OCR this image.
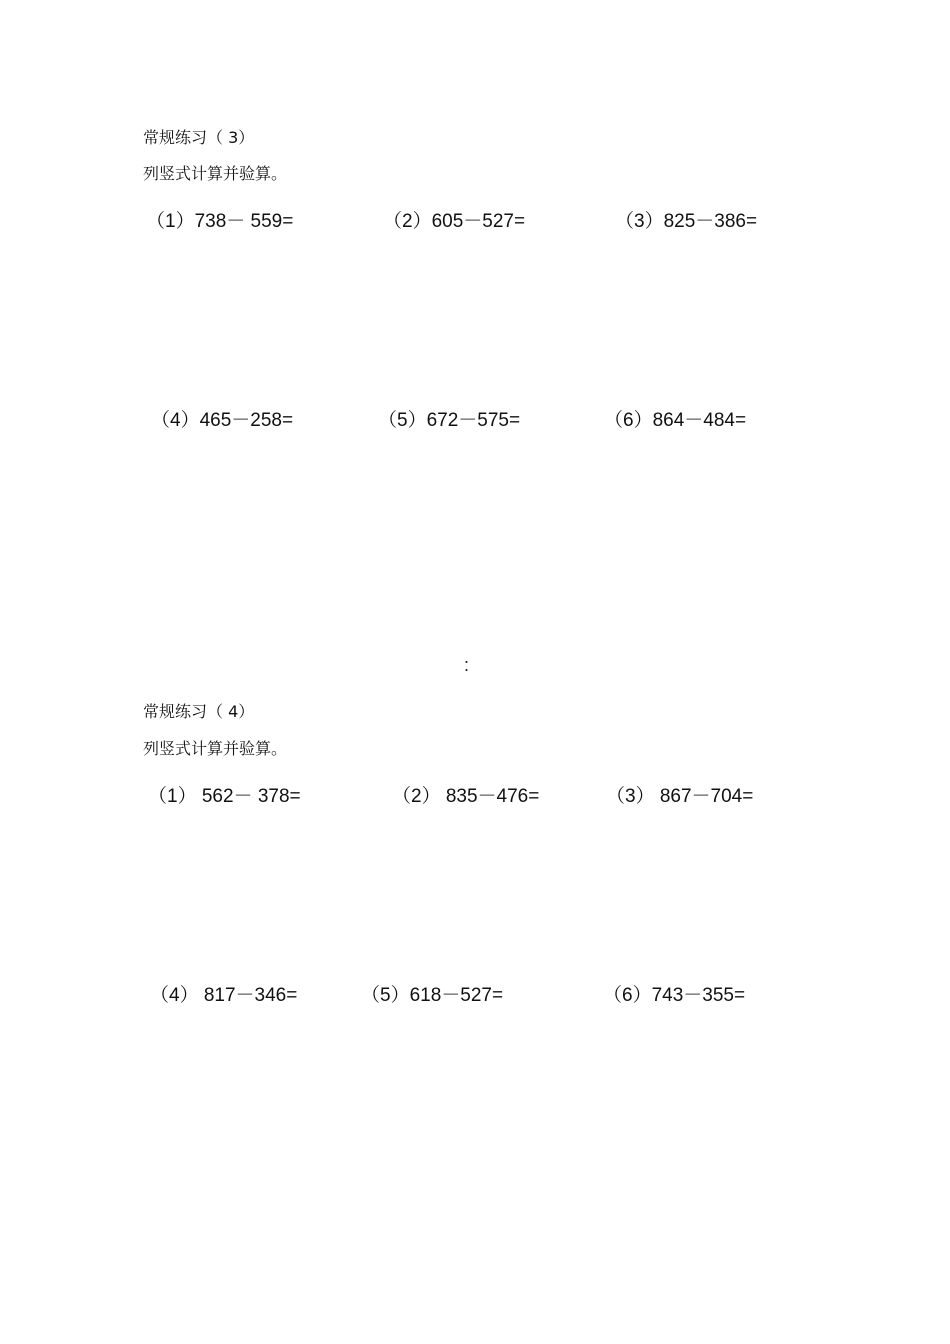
常规练习（ 3）
列竖式计算并验算。
（1）738－ 559=	（2）605－527=	（3）825－386=
（4）465－258=	（5）672－575=	（6）864－484=
:
常规练习（ 4）
列竖式计算并验算。
（1） 562－ 378=	（2） 835－476=	（3） 867－704=
（4） 817－346=	（5）618－527=	（6）743－355=
